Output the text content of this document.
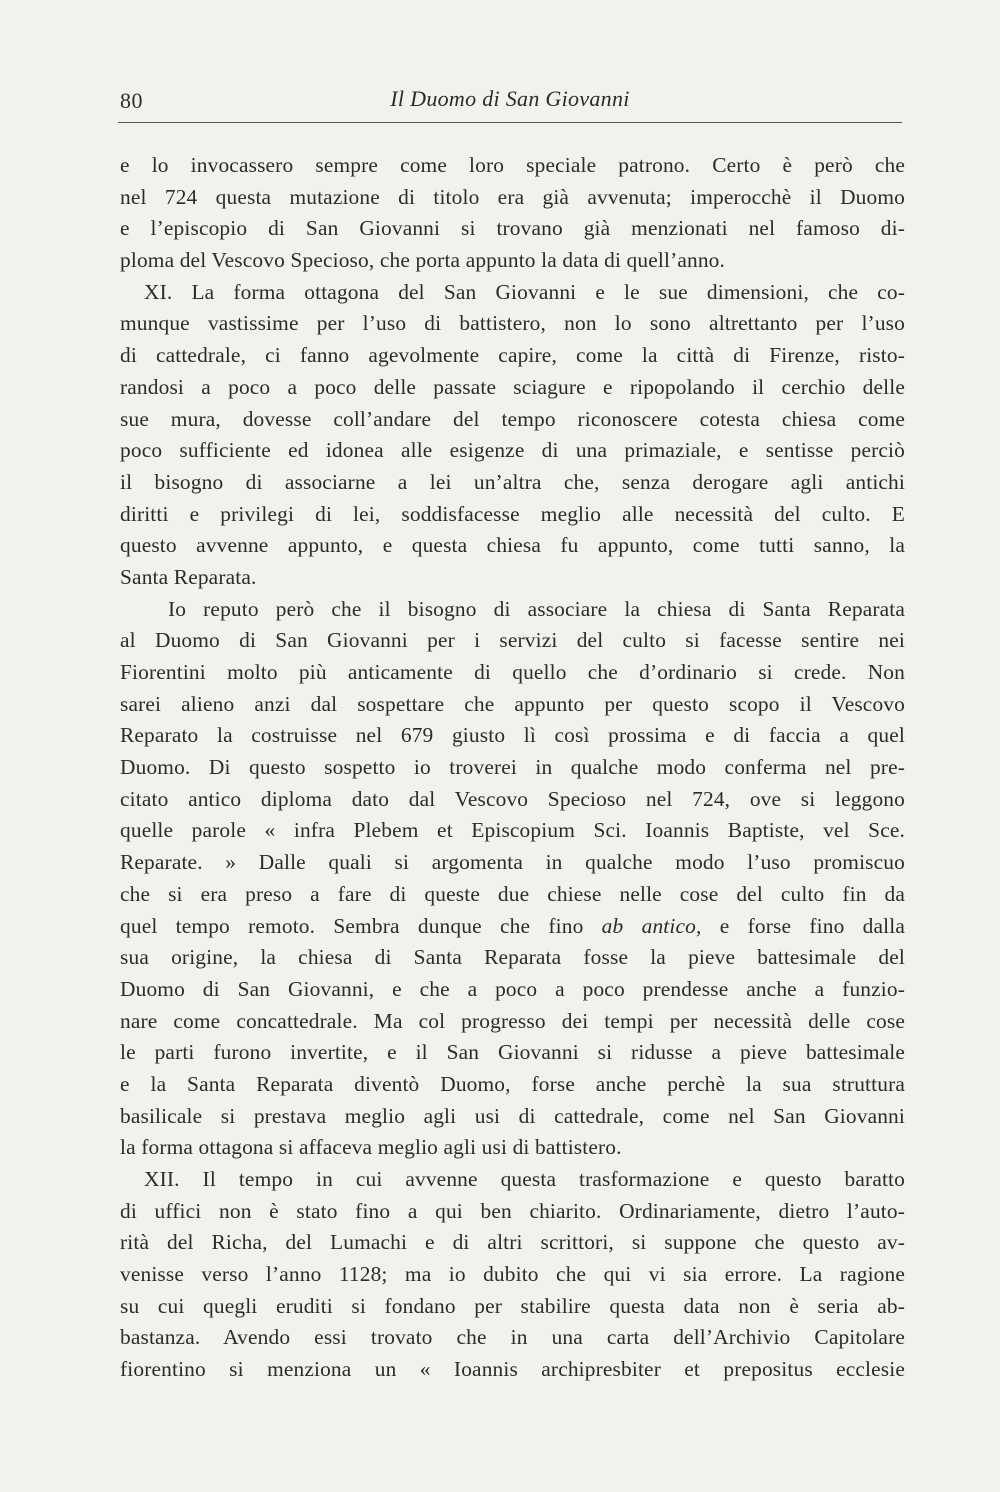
80	Il Duomo di San Giovanni
e lo invocassero sempre come loro speciale patrono. Certo è però che
nel 724 questa mutazione di titolo era già avvenuta; imperocchè il Duomo
e l’episcopio di San Giovanni si trovano già menzionati nel famoso di-
ploma del Vescovo Specioso, che porta appunto la data di quell’anno.
XI. La forma ottagona del San Giovanni e le sue dimensioni, che co-
munque vastissime per l’uso di battistero, non lo sono altrettanto per l’uso
di cattedrale, ci fanno agevolmente capire, come la città di Firenze, risto-
randosi a poco a poco delle passate sciagure e ripopolando il cerchio delle
sue mura, dovesse coll’andare del tempo riconoscere cotesta chiesa come
poco sufficiente ed idonea alle esigenze di una primaziale, e sentisse perciò
il bisogno di associarne a lei un’altra che, senza derogare agli antichi
diritti e privilegi di lei, soddisfacesse meglio alle necessità del culto. E
questo avvenne appunto, e questa chiesa fu appunto, come tutti sanno, la
Santa Reparata.
Io reputo però che il bisogno di associare la chiesa di Santa Reparata
al Duomo di San Giovanni per i servizi del culto si facesse sentire nei
Fiorentini molto più anticamente di quello che d’ordinario si crede. Non
sarei alieno anzi dal sospettare che appunto per questo scopo il Vescovo
Reparato la costruisse nel 679 giusto lì così prossima e di faccia a quel
Duomo. Di questo sospetto io troverei in qualche modo conferma nel pre-
citato antico diploma dato dal Vescovo Specioso nel 724, ove si leggono
quelle parole « infra Plebem et Episcopium Sci. Ioannis Baptiste, vel Sce.
Reparate. » Dalle quali si argomenta in qualche modo l’uso promiscuo
che si era preso a fare di queste due chiese nelle cose del culto fin da
quel tempo remoto. Sembra dunque che fino ab antico, e forse fino dalla
sua origine, la chiesa di Santa Reparata fosse la pieve battesimale del
Duomo di San Giovanni, e che a poco a poco prendesse anche a funzio-
nare come concattedrale. Ma col progresso dei tempi per necessità delle cose
le parti furono invertite, e il San Giovanni si ridusse a pieve battesimale
e la Santa Reparata diventò Duomo, forse anche perchè la sua struttura
basilicale si prestava meglio agli usi di cattedrale, come nel San Giovanni
la forma ottagona si affaceva meglio agli usi di battistero.
XII. Il tempo in cui avvenne questa trasformazione e questo baratto
di uffici non è stato fino a qui ben chiarito. Ordinariamente, dietro l’auto-
rità del Richa, del Lumachi e di altri scrittori, si suppone che questo av-
venisse verso l’anno 1128; ma io dubito che qui vi sia errore. La ragione
su cui quegli eruditi si fondano per stabilire questa data non è seria ab-
bastanza. Avendo essi trovato che in una carta dell’Archivio Capitolare
fiorentino si menziona un « Ioannis archipresbiter et prepositus ecclesie
